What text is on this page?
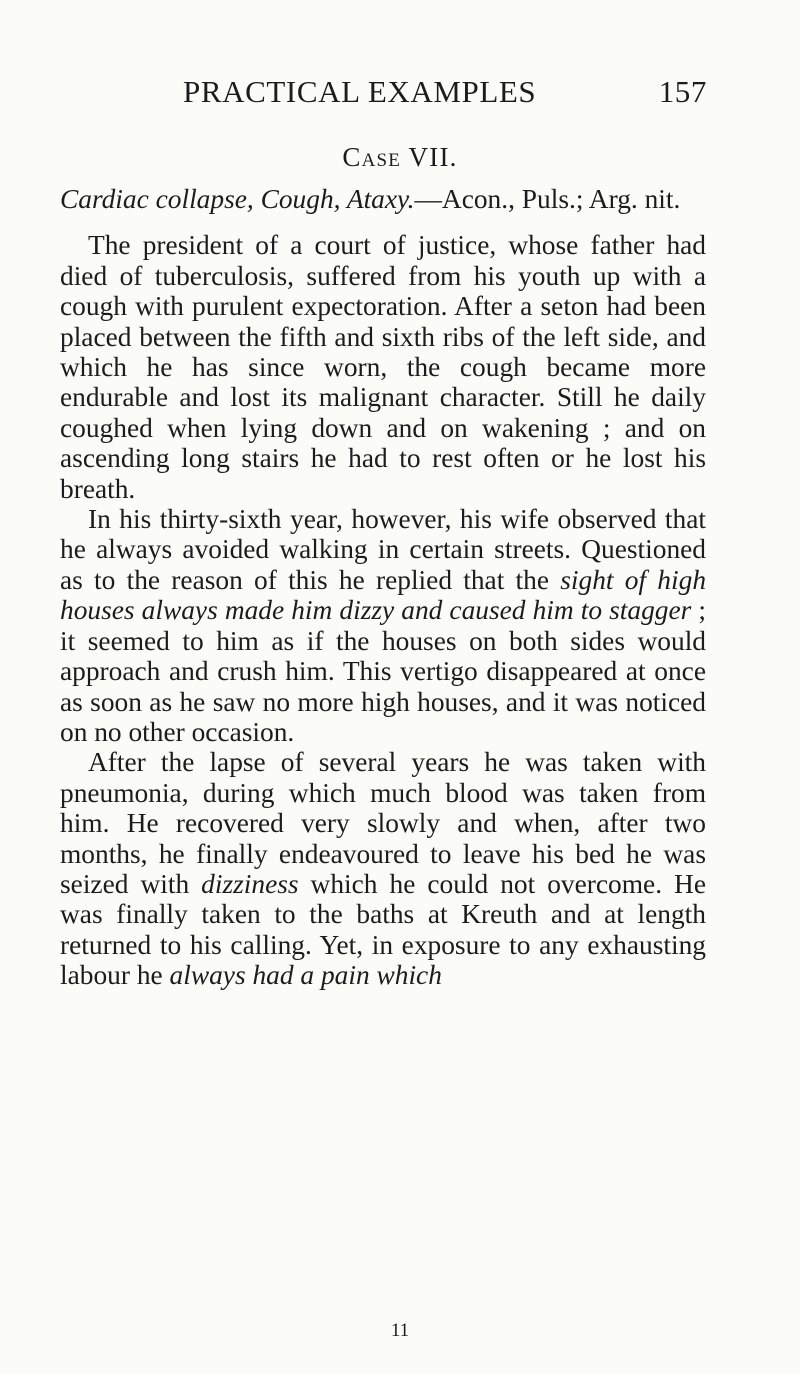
PRACTICAL EXAMPLES	157
Case VII.

Cardiac collapse, Cough, Ataxy.—Acon., Puls.; Arg. nit.

The president of a court of justice, whose father had died of tuberculosis, suffered from his youth up with a cough with purulent expectoration. After a seton had been placed between the fifth and sixth ribs of the left side, and which he has since worn, the cough became more endurable and lost its malignant character. Still he daily coughed when lying down and on wakening ; and on ascending long stairs he had to rest often or he lost his breath.

In his thirty-sixth year, however, his wife observed that he always avoided walking in certain streets. Questioned as to the reason of this he replied that the sight of high houses always made him dizzy and caused him to stagger ; it seemed to him as if the houses on both sides would approach and crush him. This vertigo disappeared at once as soon as he saw no more high houses, and it was noticed on no other occasion.

After the lapse of several years he was taken with pneumonia, during which much blood was taken from him. He recovered very slowly and when, after two months, he finally endeavoured to leave his bed he was seized with dizziness which he could not overcome. He was finally taken to the baths at Kreuth and at length returned to his calling. Yet, in exposure to any exhausting labour he always had a pain which

11
